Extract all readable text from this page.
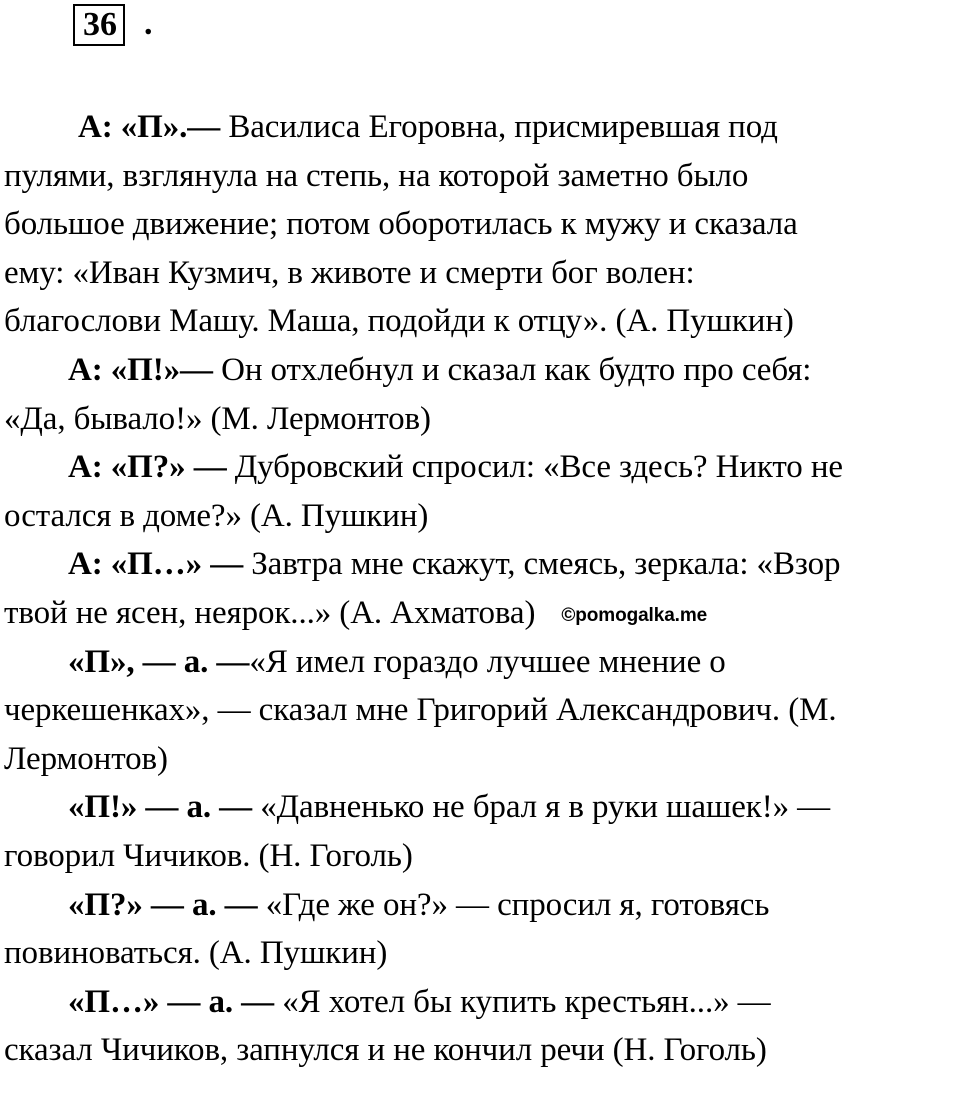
36 .
А: «П».— Василиса Егоровна, присмиревшая под
пулями, взглянула на степь, на которой заметно было
большое движение; потом оборотилась к мужу и сказала
ему: «Иван Кузмич, в животе и смерти бог волен:
благослови Машу. Маша, подойди к отцу». (А. Пушкин)
А: «П!»— Он отхлебнул и сказал как будто про себя:
«Да, бывало!» (М. Лермонтов)
А: «П?» — Дубровский спросил: «Все здесь? Никто не
остался в доме?» (А. Пушкин)
А: «П…» — Завтра мне скажут, смеясь, зеркала: «Взор
твой не ясен, неярок...» (А. Ахматова) ©pomogalka.me
«П», — а. —«Я имел гораздо лучшее мнение о
черкешенках», — сказал мне Григорий Александрович. (М.
Лермонтов)
«П!» — а. — «Давненько не брал я в руки шашек!» —
говорил Чичиков. (Н. Гоголь)
«П?» — а. — «Где же он?» — спросил я, готовясь
повиноваться. (А. Пушкин)
«П…» — а. — «Я хотел бы купить крестьян...» —
сказал Чичиков, запнулся и не кончил речи (Н. Гоголь)
